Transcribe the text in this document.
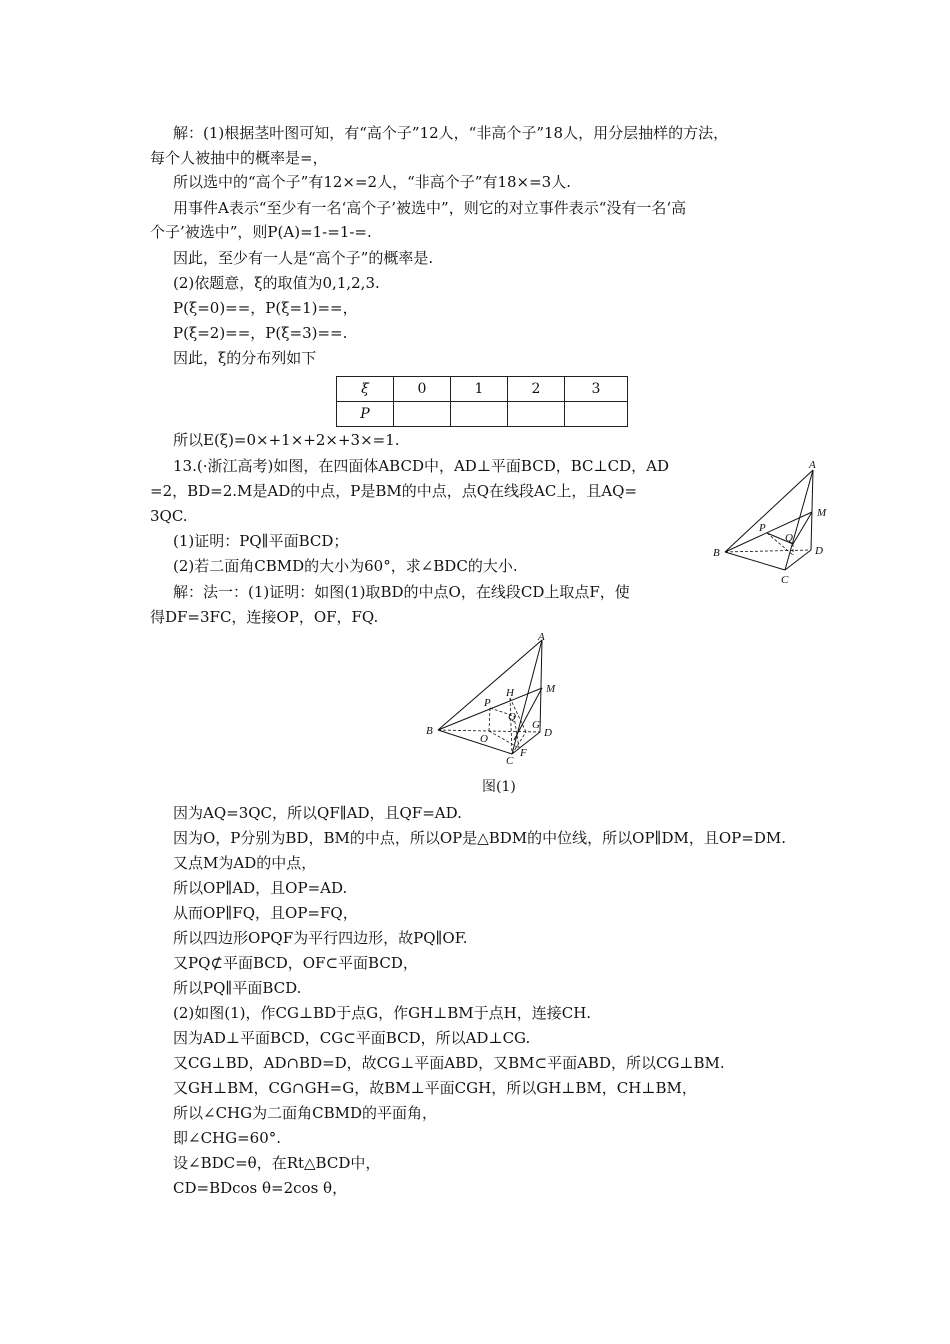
解：(1)根据茎叶图可知，有“高个子”12人，“非高个子”18人，用分层抽样的方法，
每个人被抽中的概率是=，
所以选中的“高个子”有12×=2人，“非高个子”有18×=3人.
用事件A表示“至少有一名‘高个子’被选中”，则它的对立事件表示“没有一名‘高
个子’被选中”，则P(A)=1-=1-=.
因此，至少有一人是“高个子”的概率是.
(2)依题意，ξ的取值为0,1,2,3.
P(ξ=0)==，P(ξ=1)==，
P(ξ=2)==，P(ξ=3)==.
因此，ξ的分布列如下
ξ	0	1	2	3
P				
所以E(ξ)=0×+1×+2×+3×=1.
13.(·浙江高考)如图，在四面体ABCD中，AD⊥平面BCD，BC⊥CD，AD
=2，BD=2.M是AD的中点，P是BM的中点，点Q在线段AC上，且AQ=
3QC.
(1)证明：PQ∥平面BCD；
(2)若二面角CBMD的大小为60°，求∠BDC的大小.
解：法一：(1)证明：如图(1)取BD的中点O，在线段CD上取点F，使
得DF=3FC，连接OP，OF，FQ.
A
M
P
Q
B	D
C
A
M
H
P
Q
G
B
O	D
C
F
图(1)
因为AQ=3QC，所以QF∥AD，且QF=AD.
因为O，P分别为BD，BM的中点，所以OP是△BDM的中位线，所以OP∥DM，且OP=DM.
又点M为AD的中点，
所以OP∥AD，且OP=AD.
从而OP∥FQ，且OP=FQ，
所以四边形OPQF为平行四边形，故PQ∥OF.
又PQ⊄平面BCD，OF⊂平面BCD，
所以PQ∥平面BCD.
(2)如图(1)，作CG⊥BD于点G，作GH⊥BM于点H，连接CH.
因为AD⊥平面BCD，CG⊂平面BCD，所以AD⊥CG.
又CG⊥BD，AD∩BD=D，故CG⊥平面ABD，又BM⊂平面ABD，所以CG⊥BM.
又GH⊥BM，CG∩GH=G，故BM⊥平面CGH，所以GH⊥BM，CH⊥BM，
所以∠CHG为二面角CBMD的平面角，
即∠CHG=60°.
设∠BDC=θ，在Rt△BCD中，
CD=BDcos θ=2cos θ，
